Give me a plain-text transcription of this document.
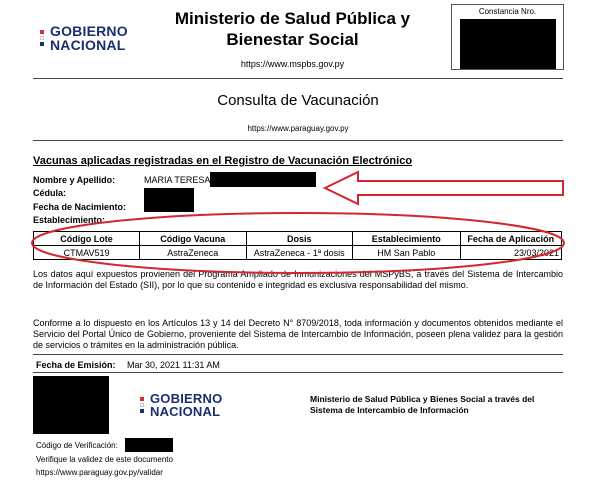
GOBIERNO
NACIONAL
Ministerio de Salud Pública y
Bienestar Social
https://www.mspbs.gov.py
Constancia Nro.
Consulta de Vacunación
https://www.paraguay.gov.py
Vacunas aplicadas registradas en el Registro de Vacunación Electrónico
Nombre y Apellido:	MARIA TERESA
Cédula:
Fecha de Nacimiento:
Establecimiento:
Código Lote	Código Vacuna	Dosis	Establecimiento	Fecha de Aplicación
CTMAV519	AstraZeneca	AstraZeneca - 1ª dosis	HM San Pablo	23/03/2021
Los datos aquí expuestos provienen del Programa Ampliado de Inmunizaciones del MSPyBS, a través del Sistema de Intercambio de Información del Estado (SII), por lo que su contenido e integridad es exclusiva responsabilidad del mismo.
Conforme a lo dispuesto en los Artículos 13 y 14 del Decreto N° 8709/2018, toda información y documentos obtenidos mediante el Servicio del Portal Único de Gobierno, proveniente del Sistema de Intercambio de Información, poseen plena validez para la gestión de servicios o trámites en la administración pública.
Fecha de Emisión: Mar 30, 2021 11:31 AM
GOBIERNO
NACIONAL
Ministerio de Salud Pública y Bienes Social a través del
Sistema de Intercambio de Información
Código de Verificación:
Verifique la validez de este documento
https://www.paraguay.gov.py/validar
